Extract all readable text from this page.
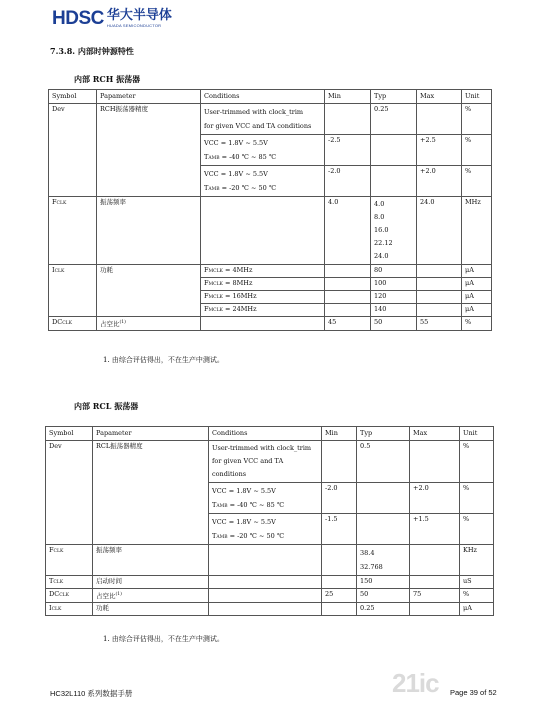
HDSC 华大半导体
HUADA SEMICONDUCTOR
7.3.8. 内部时钟源特性
内部 RCH 振荡器
Symbol	Papameter	Conditions	Min	Typ	Max	Unit
Dev	RCH振荡器精度	User-trimmed with clock_trim
for given VCC and TA conditions		0.25		%

		VCC = 1.8V ~ 5.5V
TAMB = -40 ℃ ~ 85 ℃	-2.5		+2.5	%

		VCC = 1.8V ~ 5.5V
TAMB = -20 ℃ ~ 50 ℃	-2.0		+2.0	%
FCLK	振荡频率		4.0	4.0
8.0
16.0
22.12
24.0	24.0	MHz
ICLK	功耗	FMCLK = 4MHz		80		μA
		FMCLK = 8MHz		100		μA
		FMCLK = 16MHz		120		μA
		FMCLK = 24MHz		140		μA
DCCLK	占空比$^{(1)}$		45	50	55	%
1. 由综合评估得出，不在生产中测试。
内部 RCL 振荡器
Symbol	Papameter	Conditions	Min	Typ	Max	Unit
Dev	RCL振荡器精度	User-trimmed with clock_trim
for given VCC and TA
conditions		0.5		%

		VCC = 1.8V ~ 5.5V
TAMB = -40 ℃ ~ 85 ℃	-2.0		+2.0	%

		VCC = 1.8V ~ 5.5V
TAMB = -20 ℃ ~ 50 ℃	-1.5		+1.5	%
FCLK	振荡频率			38.4
32.768		KHz
TCLK	启动时间			150		uS
DCCLK	占空比$^{(1)}$		25	50	75	%
ICLK	功耗			0.25		μA
1. 由综合评估得出，不在生产中测试。
21ic
HC32L110 系列数据手册	Page 39 of 52
